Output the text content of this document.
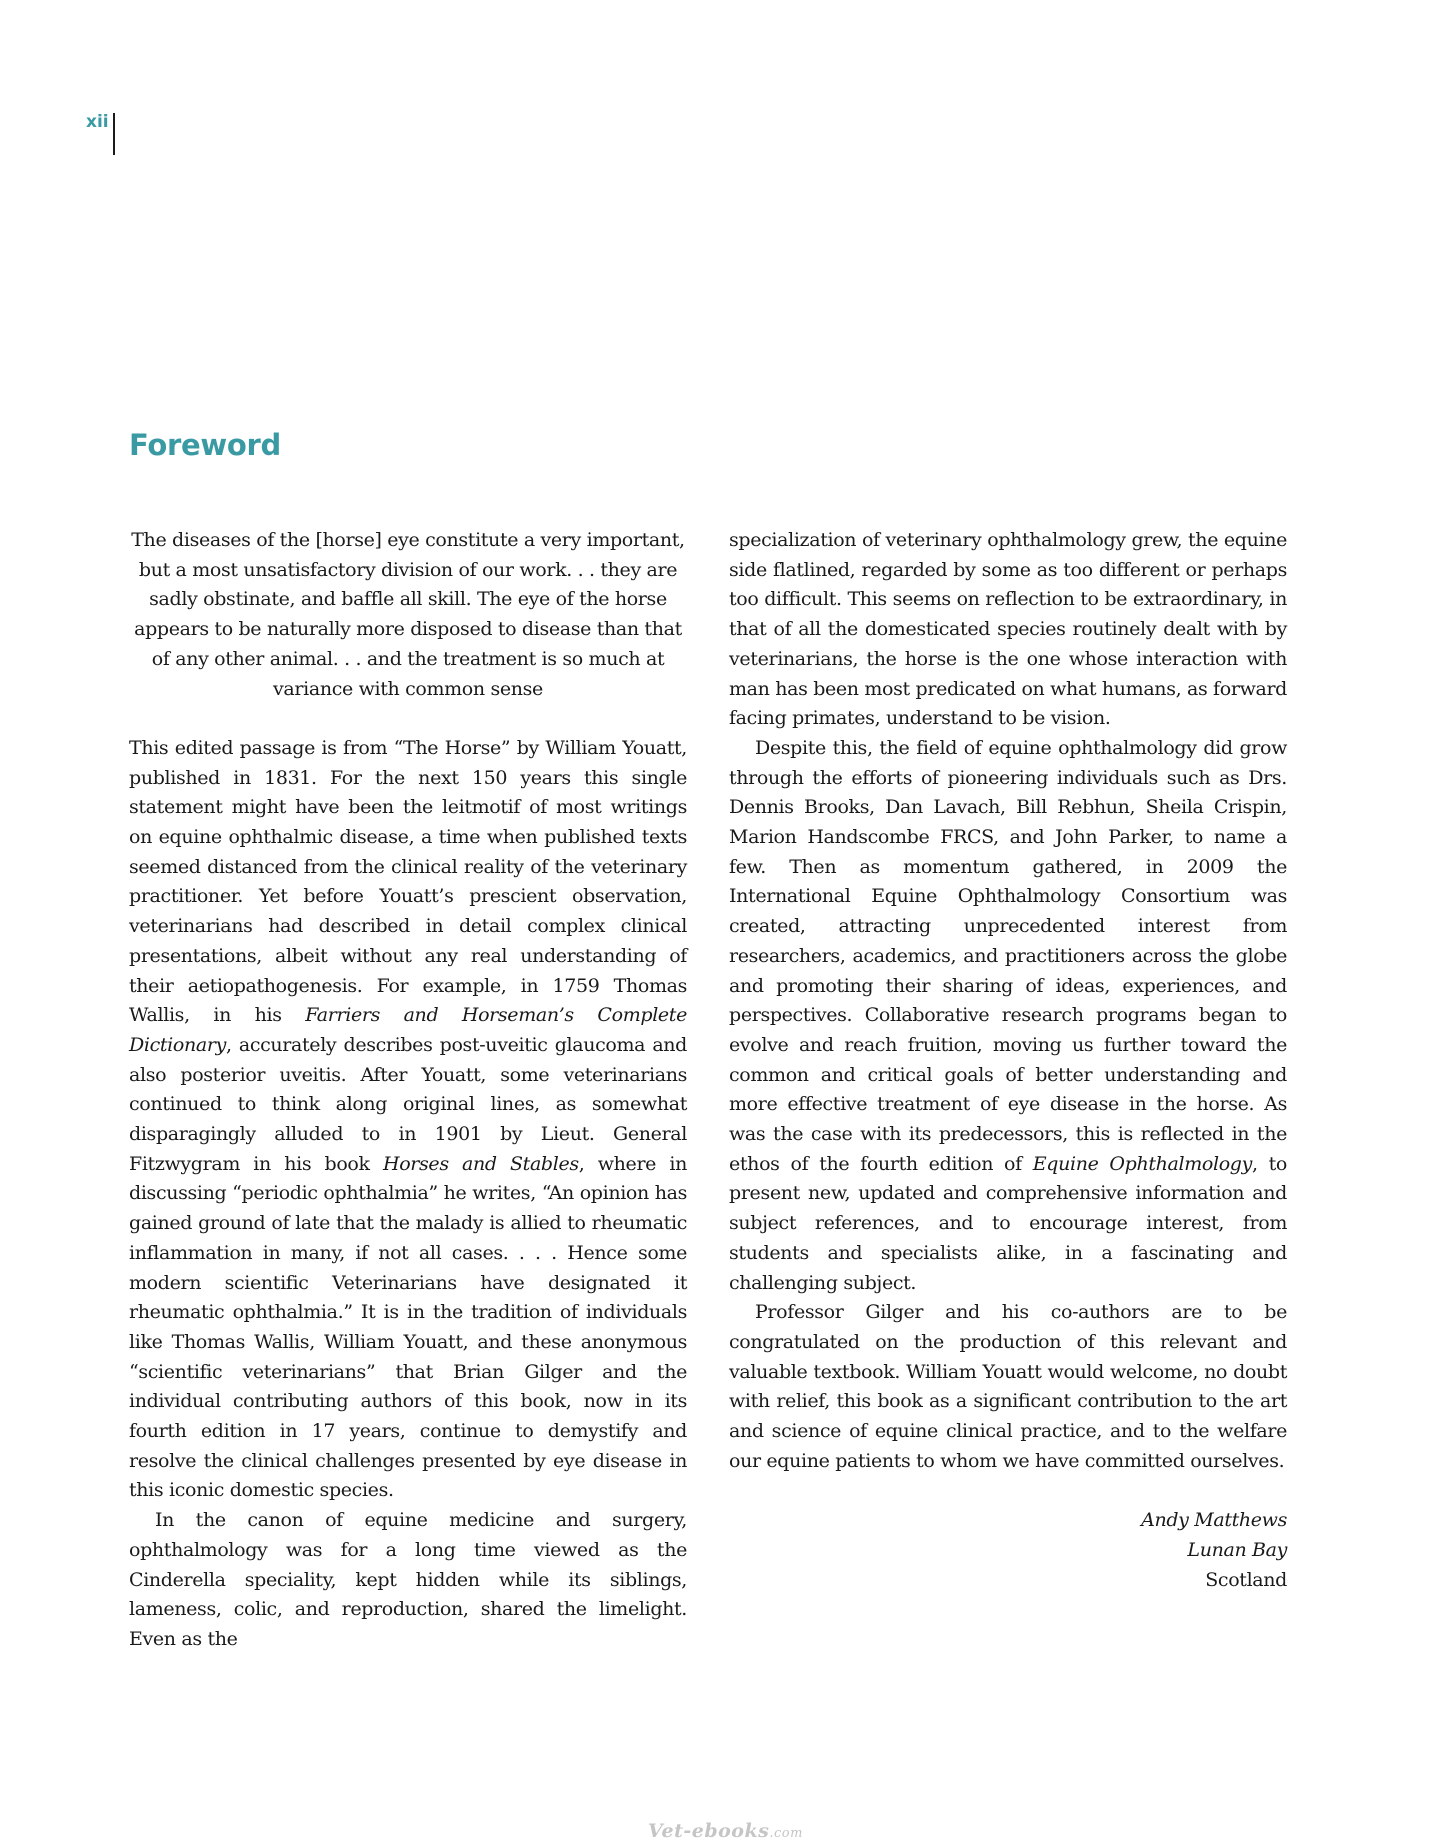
xii
Foreword
The diseases of the [horse] eye constitute a very important, but a most unsatisfactory division of our work. . . they are sadly obstinate, and baffle all skill. The eye of the horse appears to be naturally more disposed to disease than that of any other animal. . . and the treatment is so much at variance with common sense

This edited passage is from “The Horse” by William Youatt, published in 1831. For the next 150 years this single statement might have been the leitmotif of most writings on equine ophthalmic disease, a time when published texts seemed distanced from the clinical reality of the veterinary practitioner. Yet before Youatt’s prescient observation, veterinarians had described in detail complex clinical presentations, albeit without any real understanding of their aetiopathogenesis. For example, in 1759 Thomas Wallis, in his Farriers and Horseman’s Complete Dictionary, accurately describes post-uveitic glaucoma and also posterior uveitis. After Youatt, some veterinarians continued to think along original lines, as somewhat disparagingly alluded to in 1901 by Lieut. General Fitzwygram in his book Horses and Stables, where in discussing “periodic ophthalmia” he writes, “An opinion has gained ground of late that the malady is allied to rheumatic inflammation in many, if not all cases. . . . Hence some modern scientific Veterinarians have designated it rheumatic ophthalmia.” It is in the tradition of individuals like Thomas Wallis, William Youatt, and these anonymous “scientific veterinarians” that Brian Gilger and the individual contributing authors of this book, now in its fourth edition in 17 years, continue to demystify and resolve the clinical challenges presented by eye disease in this iconic domestic species.

In the canon of equine medicine and surgery, ophthalmology was for a long time viewed as the Cinderella speciality, kept hidden while its siblings, lameness, colic, and reproduction, shared the limelight. Even as the

specialization of veterinary ophthalmology grew, the equine side flatlined, regarded by some as too different or perhaps too difficult. This seems on reflection to be extraordinary, in that of all the domesticated species routinely dealt with by veterinarians, the horse is the one whose interaction with man has been most predicated on what humans, as forward facing primates, understand to be vision.

Despite this, the field of equine ophthalmology did grow through the efforts of pioneering individuals such as Drs. Dennis Brooks, Dan Lavach, Bill Rebhun, Sheila Crispin, Marion Handscombe FRCS, and John Parker, to name a few. Then as momentum gathered, in 2009 the International Equine Ophthalmology Consortium was created, attracting unprecedented interest from researchers, academics, and practitioners across the globe and promoting their sharing of ideas, experiences, and perspectives. Collaborative research programs began to evolve and reach fruition, moving us further toward the common and critical goals of better understanding and more effective treatment of eye disease in the horse. As was the case with its predecessors, this is reflected in the ethos of the fourth edition of Equine Ophthalmology, to present new, updated and comprehensive information and subject references, and to encourage interest, from students and specialists alike, in a fascinating and challenging subject.

Professor Gilger and his co-authors are to be congratulated on the production of this relevant and valuable textbook. William Youatt would welcome, no doubt with relief, this book as a significant contribution to the art and science of equine clinical practice, and to the welfare our equine patients to whom we have committed ourselves.

Andy Matthews
Lunan Bay
Scotland
Vet-ebooks.com
